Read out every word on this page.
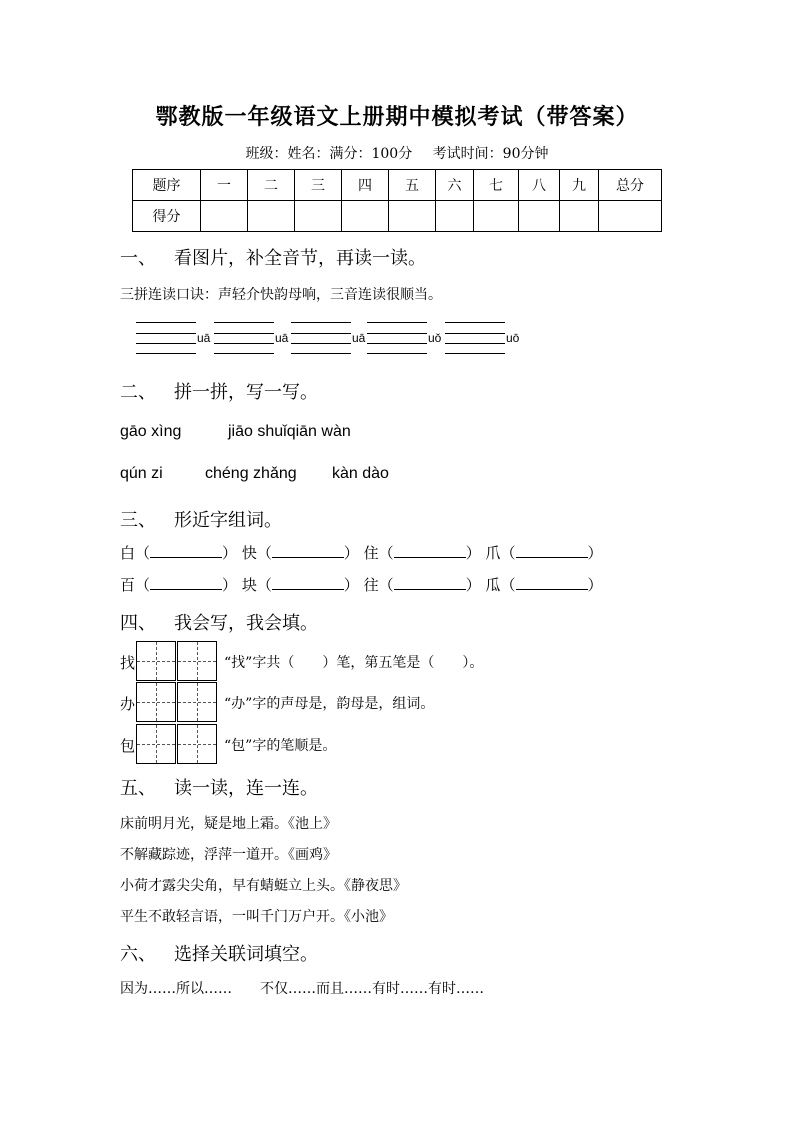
鄂教版一年级语文上册期中模拟考试（带答案）
班级：姓名：满分：100分 考试时间：90分钟
题序	一	二	三	四	五	六	七	八	九	总分
得分										
一、 看图片，补全音节，再读一读。
三拼连读口诀：声轻介快韵母响，三音连读很顺当。
uā	uā	uā	uǒ	uō
二、 拼一拼，写一写。
gāo xìng	jiāo shuǐqiān wàn
qún zi	chéng zhǎng kàn dào
三、 形近字组词。
白（	） 快（	） 住（	） 爪（	）
百（	） 块（	） 往（	） 瓜（	）
四、 我会写，我会填。
找	“找”字共（　　）笔，第五笔是（　　）。
办	“办”字的声母是，韵母是，组词。
包	“包”字的笔顺是。
五、 读一读，连一连。
床前明月光，疑是地上霜。《池上》
不解藏踪迹，浮萍一道开。《画鸡》
小荷才露尖尖角，早有蜻蜓立上头。《静夜思》
平生不敢轻言语，一叫千门万户开。《小池》
六、 选择关联词填空。
因为……所以……　　不仅……而且……有时……有时……
